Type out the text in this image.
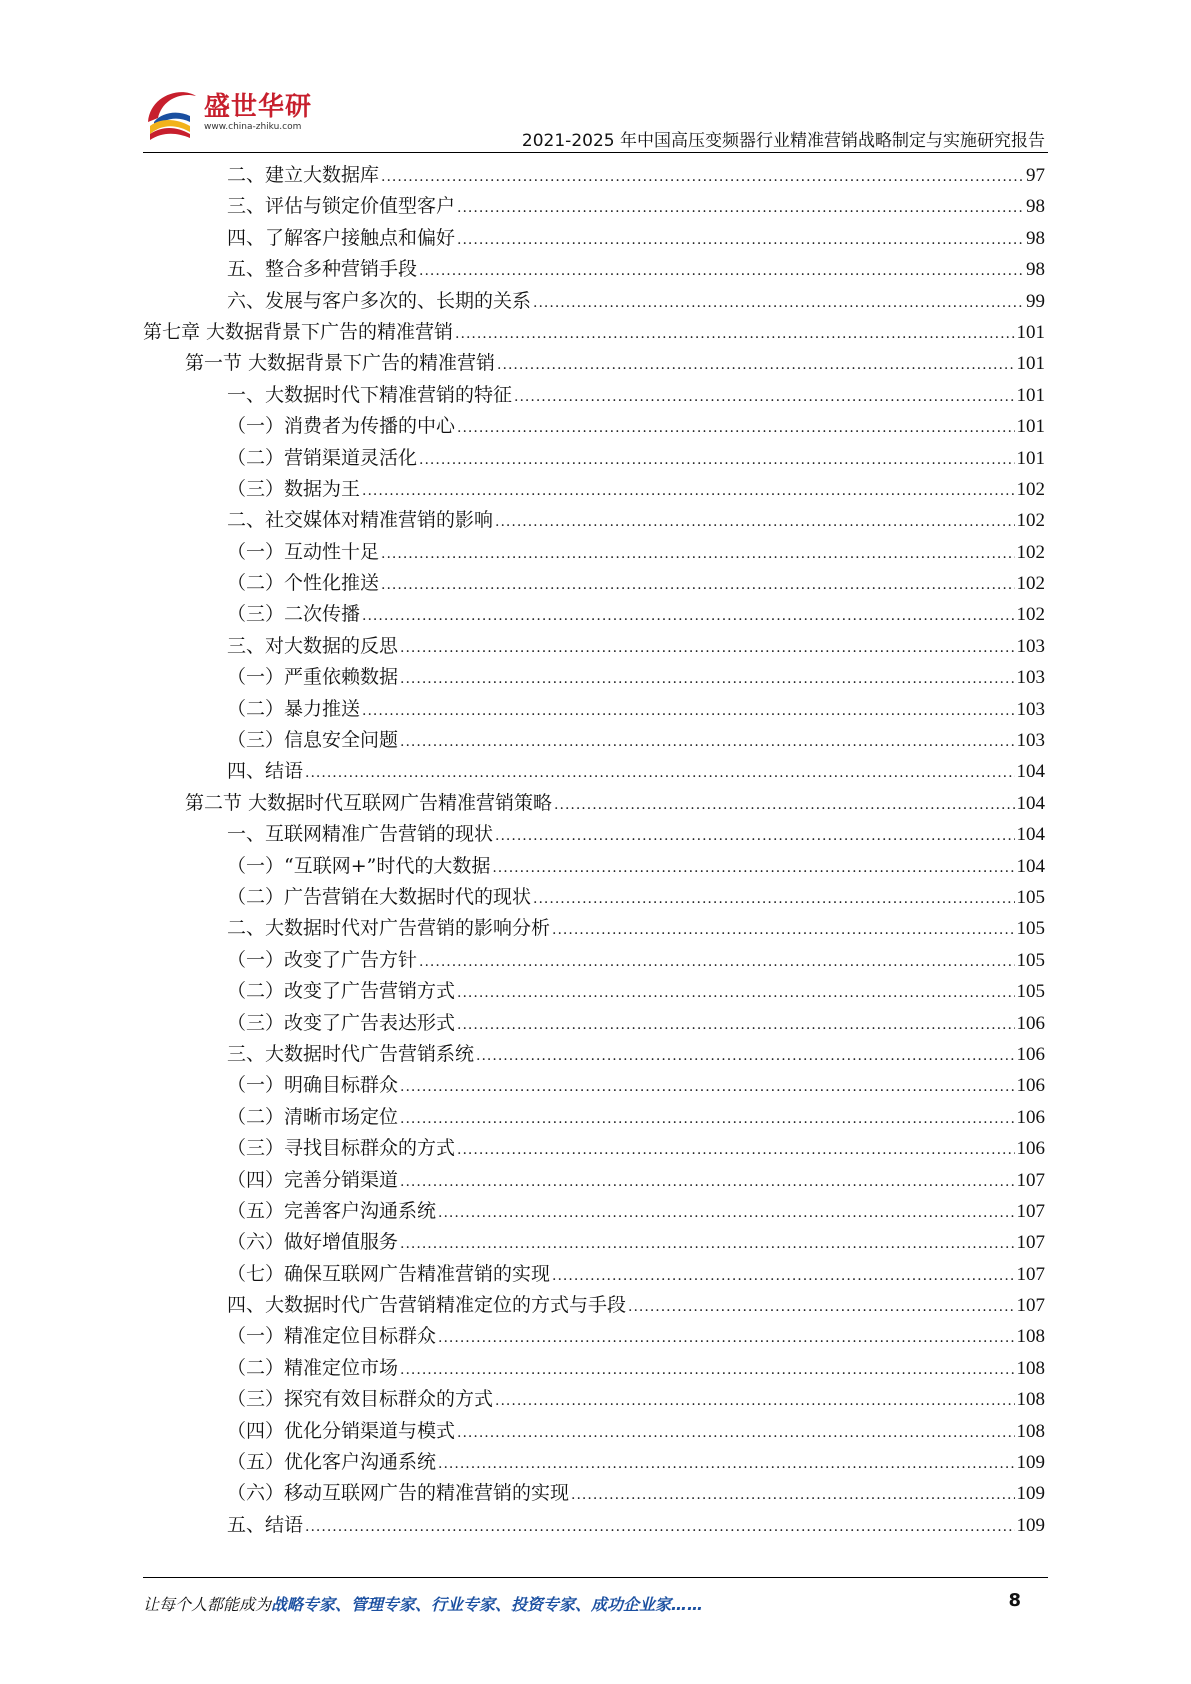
盛世华研
www.china-zhiku.com
2021-2025 年中国高压变频器行业精准营销战略制定与实施研究报告
二、建立大数据库 .....	97
三、评估与锁定价值型客户 .....	98
四、了解客户接触点和偏好 .....	98
五、整合多种营销手段 .....	98
六、发展与客户多次的、长期的关系 .....	99
第七章 大数据背景下广告的精准营销 .....	101
第一节 大数据背景下广告的精准营销 .....	101
一、大数据时代下精准营销的特征 .....	101
（一）消费者为传播的中心 .....	101
（二）营销渠道灵活化 .....	101
（三）数据为王 .....	102
二、社交媒体对精准营销的影响 .....	102
（一）互动性十足 .....	102
（二）个性化推送 .....	102
（三）二次传播 .....	102
三、对大数据的反思 .....	103
（一）严重依赖数据 .....	103
（二）暴力推送 .....	103
（三）信息安全问题 .....	103
四、结语 .....	104
第二节 大数据时代互联网广告精准营销策略 .....	104
一、互联网精准广告营销的现状 .....	104
（一）“互联网+”时代的大数据 .....	104
（二）广告营销在大数据时代的现状 .....	105
二、大数据时代对广告营销的影响分析 .....	105
（一）改变了广告方针 .....	105
（二）改变了广告营销方式 .....	105
（三）改变了广告表达形式 .....	106
三、大数据时代广告营销系统 .....	106
（一）明确目标群众 .....	106
（二）清晰市场定位 .....	106
（三）寻找目标群众的方式 .....	106
（四）完善分销渠道 .....	107
（五）完善客户沟通系统 .....	107
（六）做好增值服务 .....	107
（七）确保互联网广告精准营销的实现 .....	107
四、大数据时代广告营销精准定位的方式与手段 .....	107
（一）精准定位目标群众 .....	108
（二）精准定位市场 .....	108
（三）探究有效目标群众的方式 .....	108
（四）优化分销渠道与模式 .....	108
（五）优化客户沟通系统 .....	109
（六）移动互联网广告的精准营销的实现 .....	109
五、结语 .....	109
让每个人都能成为战略专家、管理专家、行业专家、投资专家、成功企业家……	8
